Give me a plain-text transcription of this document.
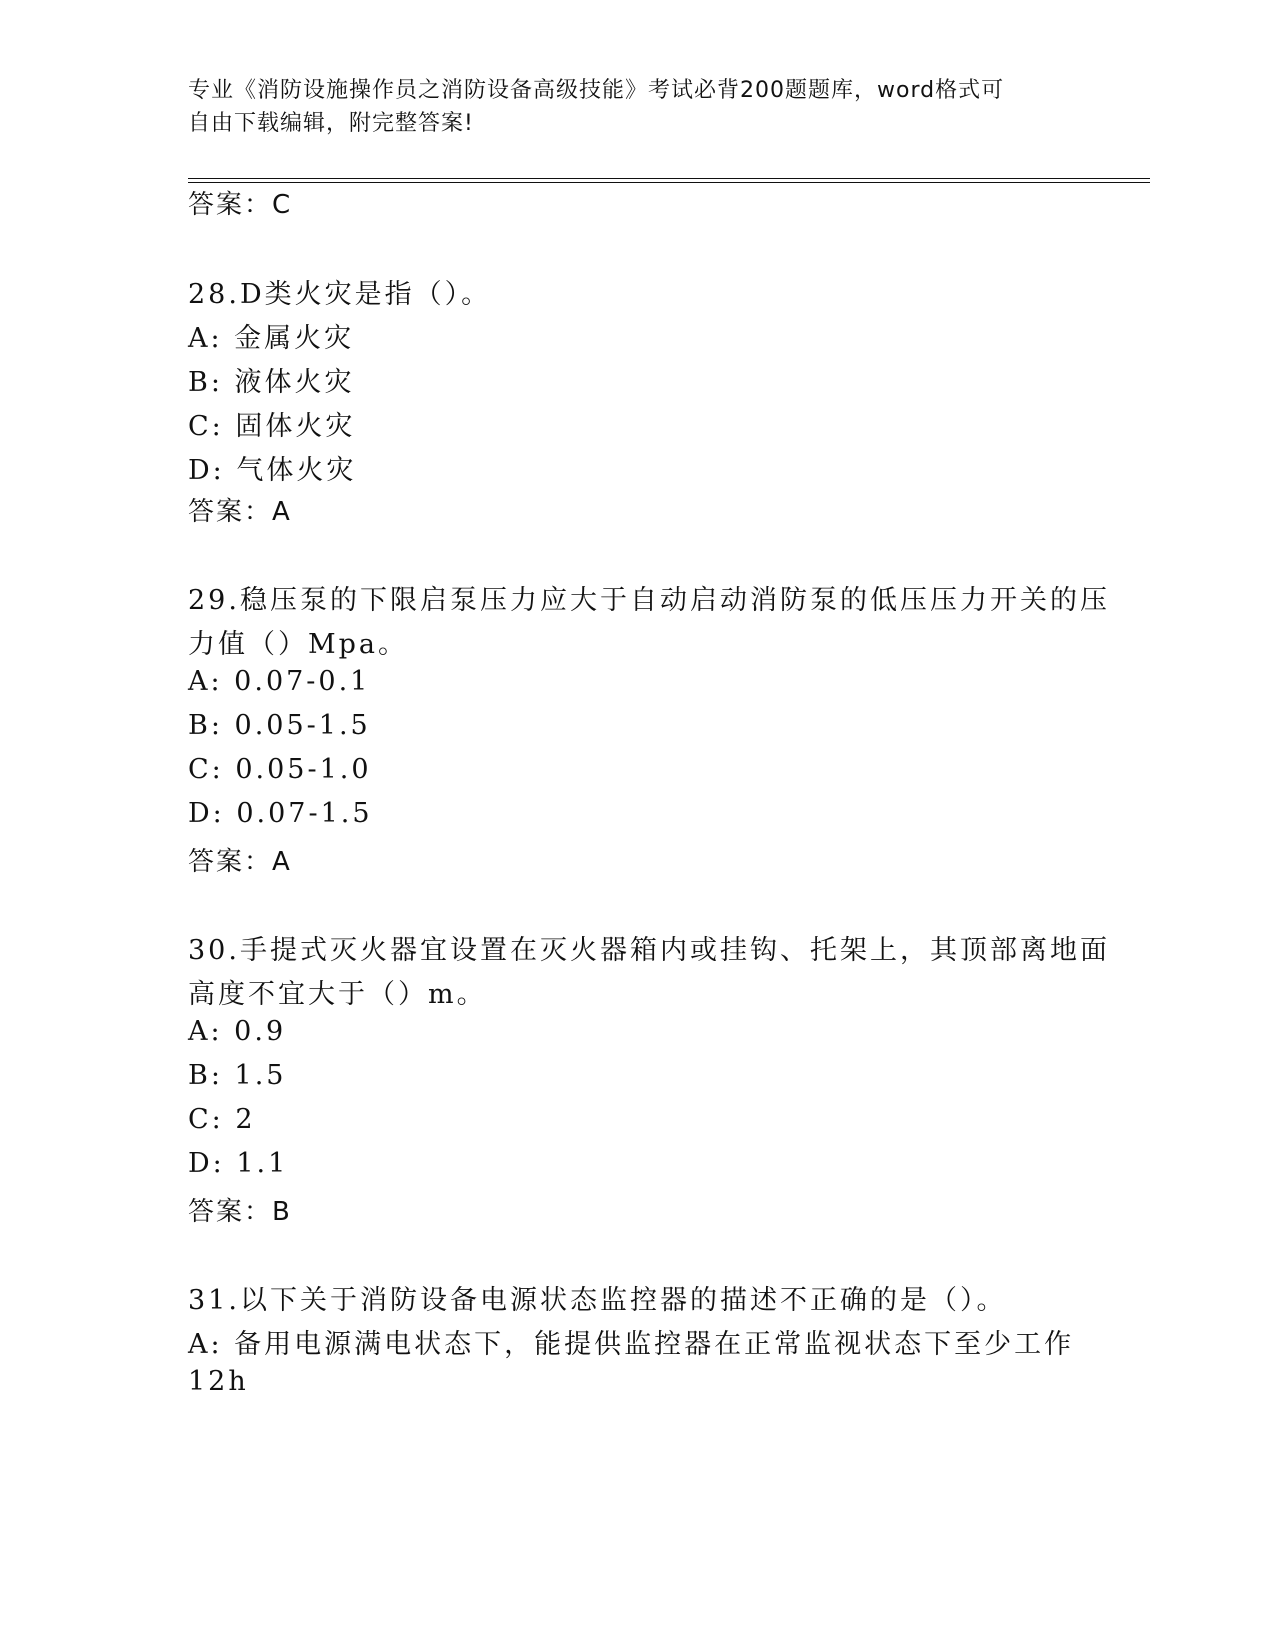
专业《消防设施操作员之消防设备高级技能》考试必背200题题库，word格式可
自由下载编辑，附完整答案!
答案：C
28.D类火灾是指（）。
A: 金属火灾
B: 液体火灾
C: 固体火灾
D: 气体火灾
答案：A
29.稳压泵的下限启泵压力应大于自动启动消防泵的低压压力开关的压
力值（）Mpa。
A: 0.07-0.1
B: 0.05-1.5
C: 0.05-1.0
D: 0.07-1.5
答案：A
30.手提式灭火器宜设置在灭火器箱内或挂钩、托架上，其顶部离地面
高度不宜大于（）m。
A: 0.9
B: 1.5
C: 2
D: 1.1
答案：B
31.以下关于消防设备电源状态监控器的描述不正确的是（）。
A: 备用电源满电状态下，能提供监控器在正常监视状态下至少工作
12h
